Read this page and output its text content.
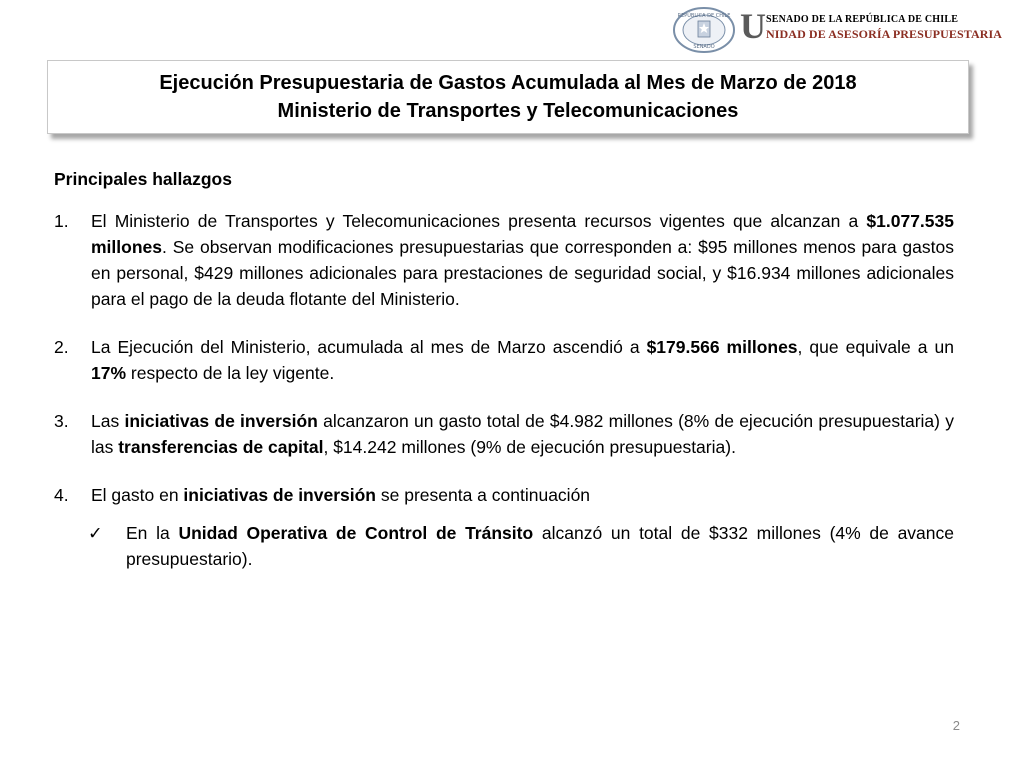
REPÚBLICA DE CHILE
SENADO
U SENADO DE LA REPÚBLICA DE CHILE
NIDAD DE ASESORÍA PRESUPUESTARIA
Ejecución Presupuestaria de Gastos Acumulada al Mes de Marzo de 2018
Ministerio de Transportes y Telecomunicaciones
Principales hallazgos
1. El Ministerio de Transportes y Telecomunicaciones presenta recursos vigentes que alcanzan a $1.077.535 millones. Se observan modificaciones presupuestarias que corresponden a: $95 millones menos para gastos en personal, $429 millones adicionales para prestaciones de seguridad social, y $16.934 millones adicionales para el pago de la deuda flotante del Ministerio.

2. La Ejecución del Ministerio, acumulada al mes de Marzo ascendió a $179.566 millones, que equivale a un 17% respecto de la ley vigente.

3. Las iniciativas de inversión alcanzaron un gasto total de $4.982 millones (8% de ejecución presupuestaria) y las transferencias de capital, $14.242 millones (9% de ejecución presupuestaria).

4. El gasto en iniciativas de inversión se presenta a continuación

✓ En la Unidad Operativa de Control de Tránsito alcanzó un total de $332 millones (4% de avance presupuestario).

2
